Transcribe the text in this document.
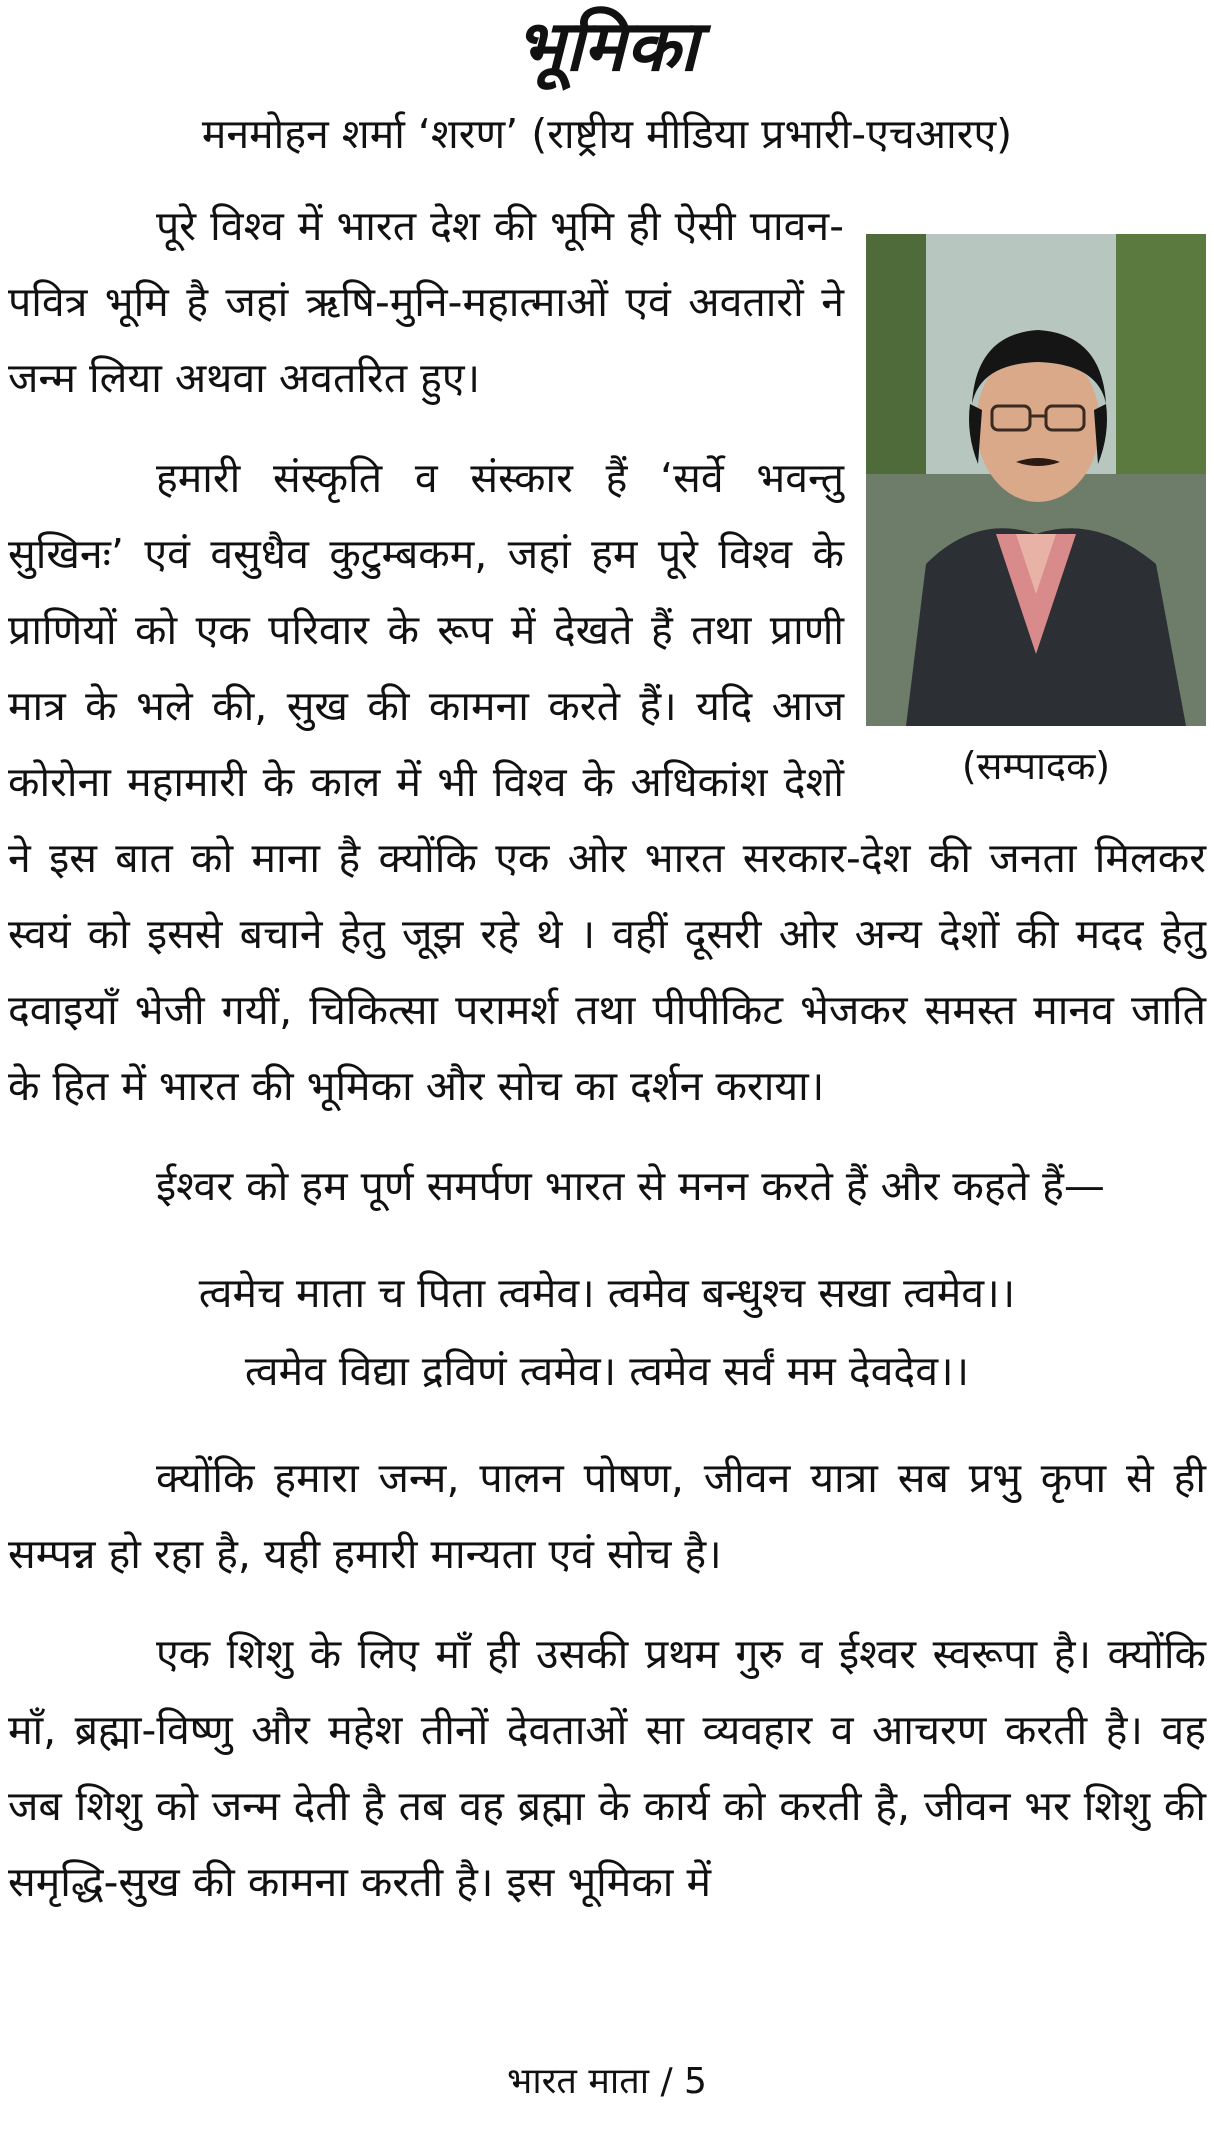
भूमिका
मनमोहन शर्मा ‘शरण’ (राष्ट्रीय मीडिया प्रभारी-एचआरए)
(सम्पादक)

पूरे विश्व में भारत देश की भूमि ही ऐसी पावन-पवित्र भूमि है जहां ऋषि-मुनि-महात्माओं एवं अवतारों ने जन्म लिया अथवा अवतरित हुए।

हमारी संस्कृति व संस्कार हैं ‘सर्वे भवन्तु सुखिनः’ एवं वसुधैव कुटुम्बकम, जहां हम पूरे विश्व के प्राणियों को एक परिवार के रूप में देखते हैं तथा प्राणी मात्र के भले की, सुख की कामना करते हैं। यदि आज कोरोना महामारी के काल में भी विश्व के अधिकांश देशों ने इस बात को माना है क्योंकि एक ओर भारत सरकार-देश की जनता मिलकर स्वयं को इससे बचाने हेतु जूझ रहे थे । वहीं दूसरी ओर अन्य देशों की मदद हेतु दवाइयाँ भेजी गयीं, चिकित्सा परामर्श तथा पीपीकिट भेजकर समस्त मानव जाति के हित में भारत की भूमिका और सोच का दर्शन कराया।

ईश्वर को हम पूर्ण समर्पण भारत से मनन करते हैं और कहते हैं—

त्वमेच माता च पिता त्वमेव। त्वमेव बन्धुश्च सखा त्वमेव।।

त्वमेव विद्या द्रविणं त्वमेव। त्वमेव सर्वं मम देवदेव।।

क्योंकि हमारा जन्म, पालन पोषण, जीवन यात्रा सब प्रभु कृपा से ही सम्पन्न हो रहा है, यही हमारी मान्यता एवं सोच है।

एक शिशु के लिए माँ ही उसकी प्रथम गुरु व ईश्वर स्वरूपा है। क्योंकि माँ, ब्रह्मा-विष्णु और महेश तीनों देवताओं सा व्यवहार व आचरण करती है। वह जब शिशु को जन्म देती है तब वह ब्रह्मा के कार्य को करती है, जीवन भर शिशु की समृद्धि-सुख की कामना करती है। इस भूमिका में

भारत माता / 5
